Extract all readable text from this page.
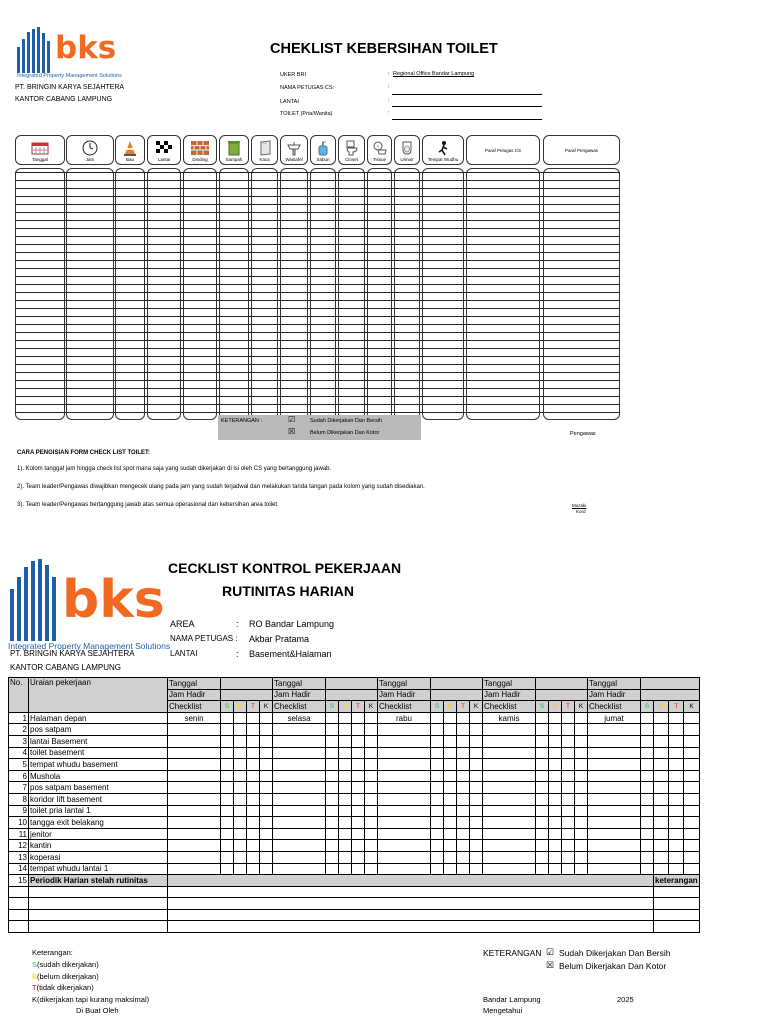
bks
Integrated Property Management Solutions
PT. BRINGIN KARYA SEJAHTERA
KANTOR CABANG LAMPUNG
CHEKLIST KEBERSIHAN TOILET
UKER BRI	: Regional Office Bandar Lampung
NAMA PETUGAS CS:	:
LANTAI	:
TOILET (Pria/Wanita)	:
Tanggal	Jam	Bau	Lantai	Dinding	Sampah	Kaca	Wastafel	Sabun	Closet	Tissue	Urinoir	Tempat Wudhu
Paraf Petugas CS	Paraf Pengawas
KETERANGAN :	☑	Sudah Dikerjakan Dan Bersih
☒	Belum Dikerjakan Dan Kotor	Pengawas
CARA PENGISIAN FORM CHECK LIST TOILET:
1). Kolom tanggal jam hingga check list spot mana saja yang sudah dikerjakan di isi oleh CS yang bertanggung jawab.
2). Team leader/Pengawas diwajibkan mengecek ulang pada jam yang sudah terjadwal dan melakukan tanda tangan pada kolom yang sudah disediakan.
3). Team leader/Pengawas bertanggung jawab atas semua operasional dan kebersihan area toilet.	Muzaki
Kord
bks
Integrated Property Management Solutions
PT. BRINGIN KARYA SEJAHTERA
KANTOR CABANG LAMPUNG
CECKLIST KONTROL PEKERJAAN
RUTINITAS HARIAN
AREA	: RO Bandar Lampung
NAMA PETUGAS : Akbar Pratama
LANTAI	: Basement&Halaman
No.	Uraian pekerjaan	Tanggal					Tanggal					Tanggal					Tanggal					Tanggal				
		Jam Hadir					Jam Hadir					Jam Hadir					Jam Hadir					Jam Hadir				
		Checklist	S	B	T	K	Checklist	S	B	T	K	Checklist	S	B	T	K	Checklist	S	B	T	K	Checklist	S	B	T	K
1	Halaman depan	senin					selasa					rabu					kamis					jumat				
2	pos satpam																									
3	lantai Basement																									
4	toilet basement																									
5	tempat whudu basement																									
6	Mushola																									
7	pos satpam basement																									
8	koridor lift basement																									
9	toilet pria lantai 1																									
10	tangga exit belakang																									
11	jenitor																									
12	kantin																									
13	koperasi																									
14	tempat whudu lantai 1																									
15	Periodik Harian stelah rutinitas																							keterangan		

Keterangan:
S(sudah dikerjakan)
B(belum dikerjakan)
T(tidak dikerjakan)
K(dikerjakan tapi kurang maksimal)
KETERANGAN ☑ Sudah Dikerjakan Dan Bersih
☒ Belum Dikerjakan Dan Kotor
Bandar Lampung	2025
Mengetahui
Di Buat Oleh
